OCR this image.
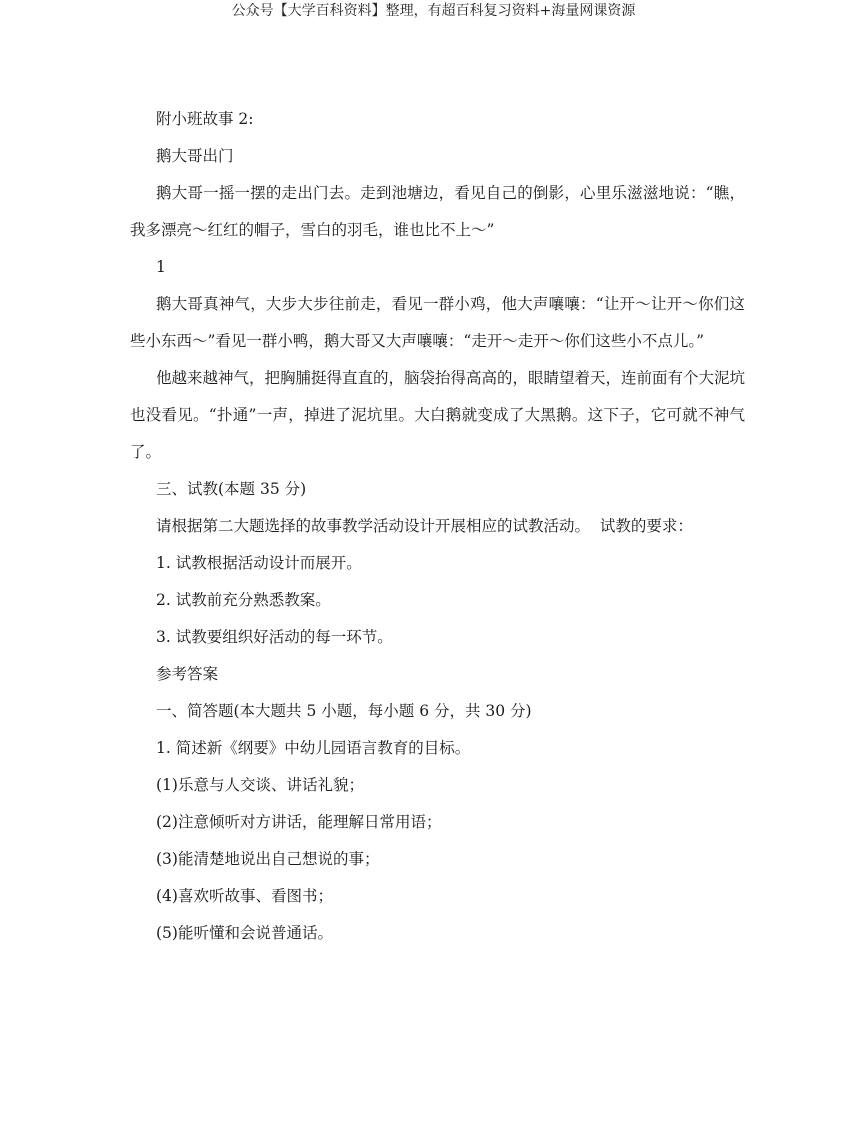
公众号【大学百科资料】整理，有超百科复习资料+海量网课资源

附小班故事 2:

鹅大哥出门

鹅大哥一摇一摆的走出门去。走到池塘边，看见自己的倒影，心里乐滋滋地说：“瞧，我多漂亮～红红的帽子，雪白的羽毛，谁也比不上～”

1

鹅大哥真神气，大步大步往前走，看见一群小鸡，他大声嚷嚷：“让开～让开～你们这些小东西～”看见一群小鸭，鹅大哥又大声嚷嚷：“走开～走开～你们这些小不点儿。”

他越来越神气，把胸脯挺得直直的，脑袋抬得高高的，眼睛望着天，连前面有个大泥坑也没看见。“扑通”一声，掉进了泥坑里。大白鹅就变成了大黑鹅。这下子，它可就不神气了。

三、试教(本题 35 分)

请根据第二大题选择的故事教学活动设计开展相应的试教活动。  试教的要求：

1. 试教根据活动设计而展开。

2. 试教前充分熟悉教案。

3. 试教要组织好活动的每一环节。

参考答案

一、简答题(本大题共 5 小题，每小题 6 分，共 30 分)

1. 简述新《纲要》中幼儿园语言教育的目标。

(1)乐意与人交谈、讲话礼貌；

(2)注意倾听对方讲话，能理解日常用语；

(3)能清楚地说出自己想说的事；

(4)喜欢听故事、看图书；

(5)能听懂和会说普通话。
